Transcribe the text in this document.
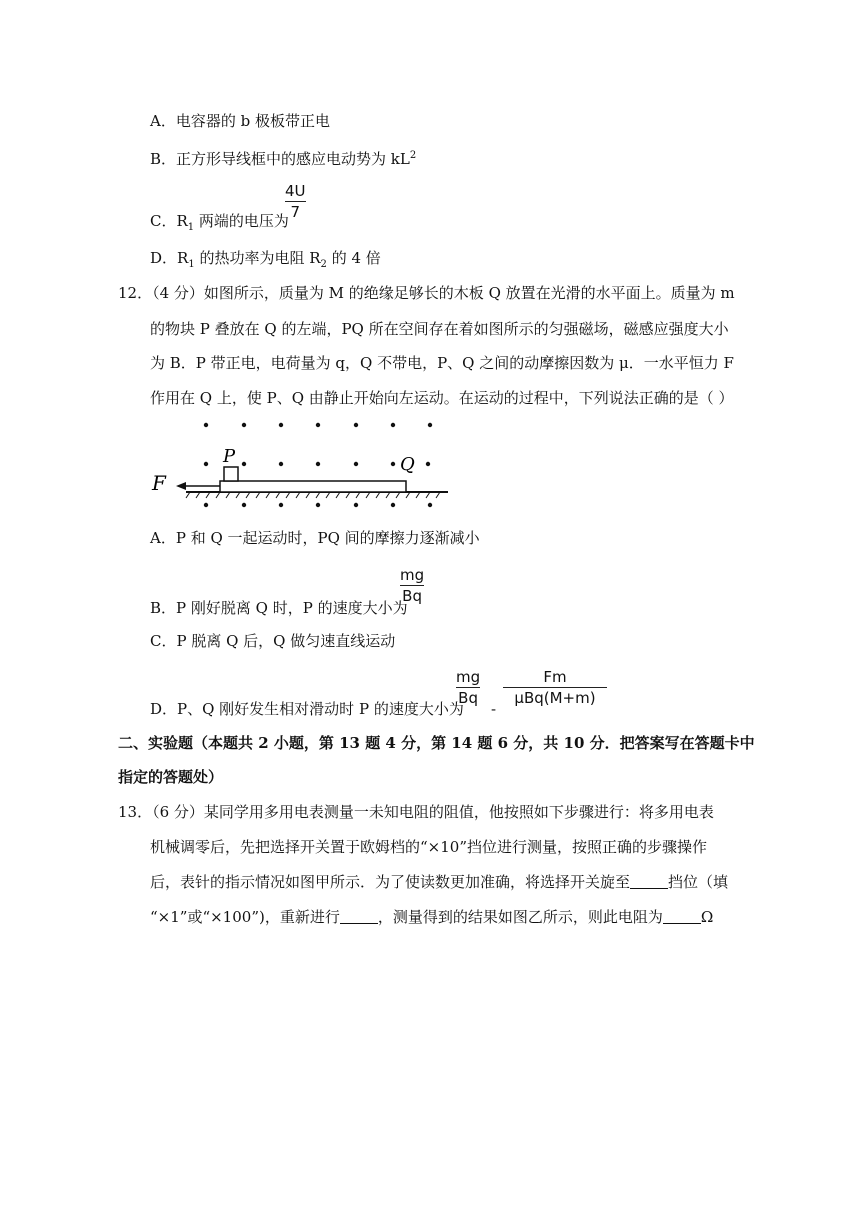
A．电容器的 b 极板带正电
B．正方形导线框中的感应电动势为 $kL^2$
C．$R_1$ 两端的电压为
4U
7
D．$R_1$ 的热功率为电阻 $R_2$ 的 4 倍
12．（4 分）如图所示，质量为 M 的绝缘足够长的木板 Q 放置在光滑的水平面上。质量为 m
的物块 P 叠放在 Q 的左端，PQ 所在空间存在着如图所示的匀强磁场，磁感应强度大小
为 B．P 带正电，电荷量为 q，Q 不带电，P、Q 之间的动摩擦因数为 μ．一水平恒力 F
作用在 Q 上，使 P、Q 由静止开始向左运动。在运动的过程中，下列说法正确的是（ ）
F
P	Q
A．P 和 Q 一起运动时，PQ 间的摩擦力逐渐减小
B．P 刚好脱离 Q 时，P 的速度大小为
mg
Bq
C．P 脱离 Q 后，Q 做匀速直线运动
D．P、Q 刚好发生相对滑动时 P 的速度大小为
mg
Bq
-
Fm
μBq(M+m)
二、实验题（本题共 2 小题，第 13 题 4 分，第 14 题 6 分，共 10 分．把答案写在答题卡中
指定的答题处）
13．（6 分）某同学用多用电表测量一未知电阻的阻值，他按照如下步骤进行：将多用电表
机械调零后，先把选择开关置于欧姆档的“×10”挡位进行测量，按照正确的步骤操作
后，表针的指示情况如图甲所示．为了使读数更加准确，将选择开关旋至	挡位（填
“×1”或“×100”)，重新进行	，测量得到的结果如图乙所示，则此电阻为	Ω
